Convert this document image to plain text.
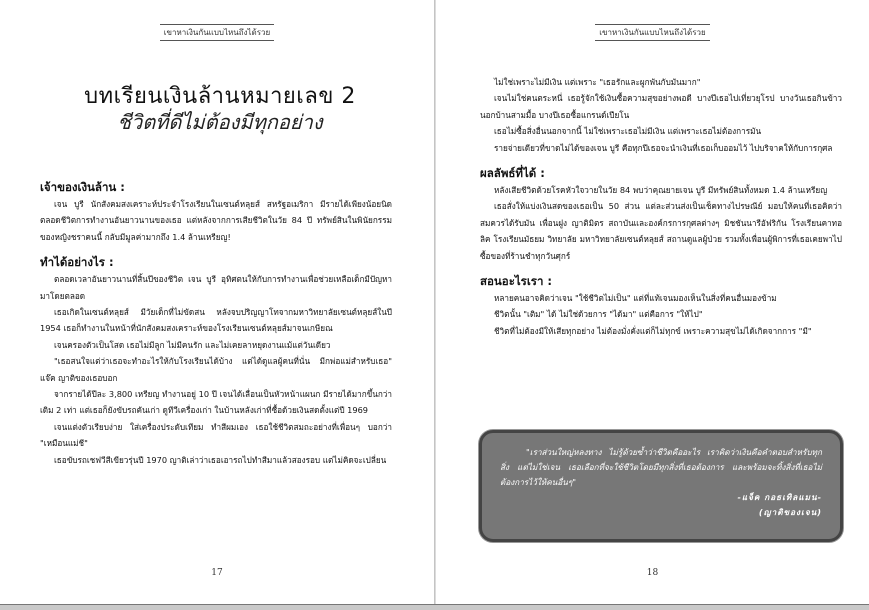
เขาหาเงินกันแบบไหนถึงได้รวย
บทเรียนเงินล้านหมายเลข 2
ชีวิตที่ดีไม่ต้องมีทุกอย่าง
เจ้าของเงินล้าน :

เจน บูรี นักสังคมสงเคราะห์ประจำโรงเรียนในเซนต์หลุยส์ สหรัฐอเมริกา มีรายได้เพียงน้อยนิดตลอดชีวิตการทำงานอันยาวนานของเธอ แต่หลังจากการเสียชีวิตในวัย 84 ปี ทรัพย์สินในพินัยกรรมของหญิงชราคนนี้ กลับมีมูลค่ามากถึง 1.4 ล้านเหรียญ!

ทำได้อย่างไร :

ตลอดเวลาอันยาวนานที่สิ้นปีของชีวิต เจน บูรี อุทิศตนให้กับการทำงานเพื่อช่วยเหลือเด็กมีปัญหามาโดยตลอด

เธอเกิดในเซนต์หลุยส์ มีวัยเด็กที่ไม่ขัดสน หลังจบปริญญาโทจากมหาวิทยาลัยเซนต์หลุยส์ในปี 1954 เธอก็ทำงานในหน้าที่นักสังคมสงเคราะห์ของโรงเรียนเซนต์หลุยส์มาจนเกษียณ

เจนครองตัวเป็นโสด เธอไม่มีลูก ไม่มีคนรัก และไม่เคยลาหยุดงานแม้แต่วันเดียว

"เธอสนใจแต่ว่าเธอจะทำอะไรให้กับโรงเรียนได้บ้าง แต่ได้ดูแลผู้คนที่นั่น มีกพ่อแม่สำหรับเธอ" แจ๊ค ญาติของเธอบอก

จากรายได้ปีละ 3,800 เหรียญ ทำงานอยู่ 10 ปี เจนได้เลื่อนเป็นหัวหน้าแผนก มีรายได้มากขึ้นกว่าเดิม 2 เท่า แต่เธอก็ยังขับรถคันเก่า ดูทีวีเครื่องเก่า ในบ้านหลังเก่าที่ซื้อด้วยเงินสดตั้งแต่ปี 1969

เจนแต่งตัวเรียบง่าย ใส่เครื่องประดับเทียม ทำสีผมเอง เธอใช้ชีวิตสมถะอย่างที่เพื่อนๆ บอกว่า "เหมือนแม่ชี"

เธอขับรถเชฟวีสีเขียวรุ่นปี 1970 ญาติเล่าว่าเธอเอารถไปทำสีมาแล้วสองรอบ แต่ไม่คิดจะเปลี่ยน

17
เขาหาเงินกันแบบไหนถึงได้รวย

ไม่ใช่เพราะไม่มีเงิน แต่เพราะ "เธอรักและผูกพันกับมันมาก"

เจนไม่ใช่คนตระหนี่ เธอรู้จักใช้เงินซื้อความสุขอย่างพอดี บางปีเธอไปเที่ยวยุโรป บางวันเธอกินข้าวนอกบ้านสามมื้อ บางปีเธอซื้อแกรนด์เปียโน

เธอไม่ซื้อสิ่งอื่นนอกจากนี้ ไม่ใช่เพราะเธอไม่มีเงิน แต่เพราะเธอไม่ต้องการมัน

รายจ่ายเดียวที่ขาดไม่ได้ของเจน บูรี คือทุกปีเธอจะนำเงินที่เธอเก็บออมไว้ ไปบริจาคให้กับการกุศล

ผลลัพธ์ที่ได้ :

หลังเสียชีวิตด้วยโรคหัวใจวายในวัย 84 พบว่าคุณยายเจน บูรี มีทรัพย์สินทั้งหมด 1.4 ล้านเหรียญ

เธอสั่งให้แบ่งเงินสดของเธอเป็น 50 ส่วน แต่ละส่วนส่งเป็นเช็คทางไปรษณีย์ มอบให้คนที่เธอคิดว่าสมควรได้รับมัน เพื่อนฝูง ญาติมิตร สถาบันและองค์กรการกุศลต่างๆ มิชชันนารีอัฟริกัน โรงเรียนคาทอลิค โรงเรียนมัธยม วิทยาลัย มหาวิทยาลัยเซนต์หลุยส์ สถานดูแลผู้ป่วย รวมทั้งเพื่อนผู้พิการที่เธอเคยพาไปซื้อของที่ร้านชำทุกวันศุกร์

สอนอะไรเรา :

หลายคนอาจคิดว่าเจน "ใช้ชีวิตไม่เป็น" แต่ที่แท้เจนมองเห็นในสิ่งที่คนอื่นมองข้าม

ชีวิตนั้น "เติม" ได้ ไม่ใช่ด้วยการ "ได้มา" แต่คือการ "ให้ไป"

ชีวิตที่ไม่ต้องมีให้เสียทุกอย่าง ไม่ต้องมั่งคั่งแต่ก็ไม่ทุกข์ เพราะความสุขไม่ได้เกิดจากการ "มี"

"เราส่วนใหญ่หลงทาง ไม่รู้ด้วยซ้ำว่าชีวิตคืออะไร เราคิดว่าเงินคือคำตอบสำหรับทุกสิ่ง แต่ไม่ใช่เจน เธอเลือกที่จะใช้ชีวิตโดยมีทุกสิ่งที่เธอต้องการ และพร้อมจะทิ้งสิ่งที่เธอไม่ต้องการไว้ให้คนอื่นๆ"

-แจ็ค กอธเทิลแมน-

(ญาติของเจน)

18
